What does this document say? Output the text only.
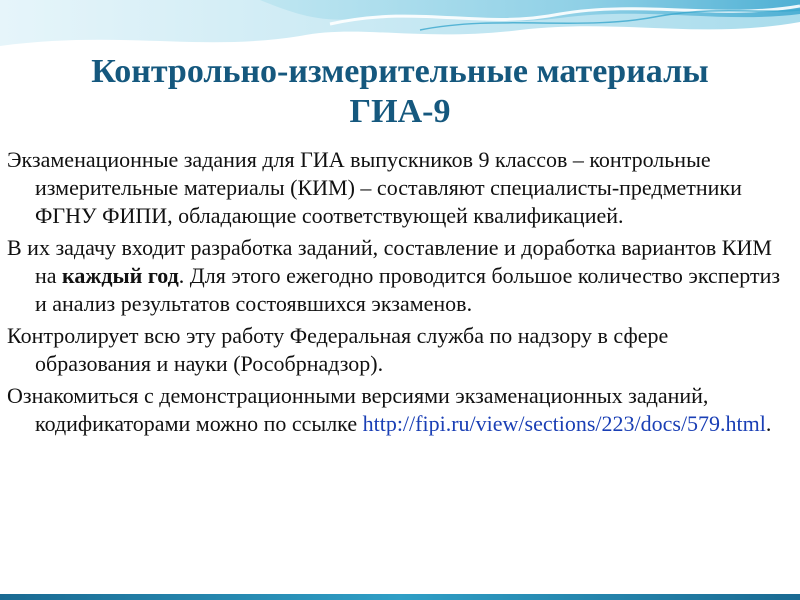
Контрольно-измерительные материалы
ГИА-9

Экзаменационные задания для ГИА выпускников 9 классов – контрольные измерительные материалы (КИМ) – составляют специалисты-предметники ФГНУ ФИПИ, обладающие соответствующей квалификацией.

В их задачу входит разработка заданий, составление и доработка вариантов КИМ на каждый год. Для этого ежегодно проводится большое количество экспертиз и анализ результатов состоявшихся экзаменов.

Контролирует всю эту работу Федеральная служба по надзору в сфере образования и науки (Рособрнадзор).

Ознакомиться с демонстрационными версиями экзаменационных заданий, кодификаторами можно по ссылке http://fipi.ru/view/sections/223/docs/579.html.
